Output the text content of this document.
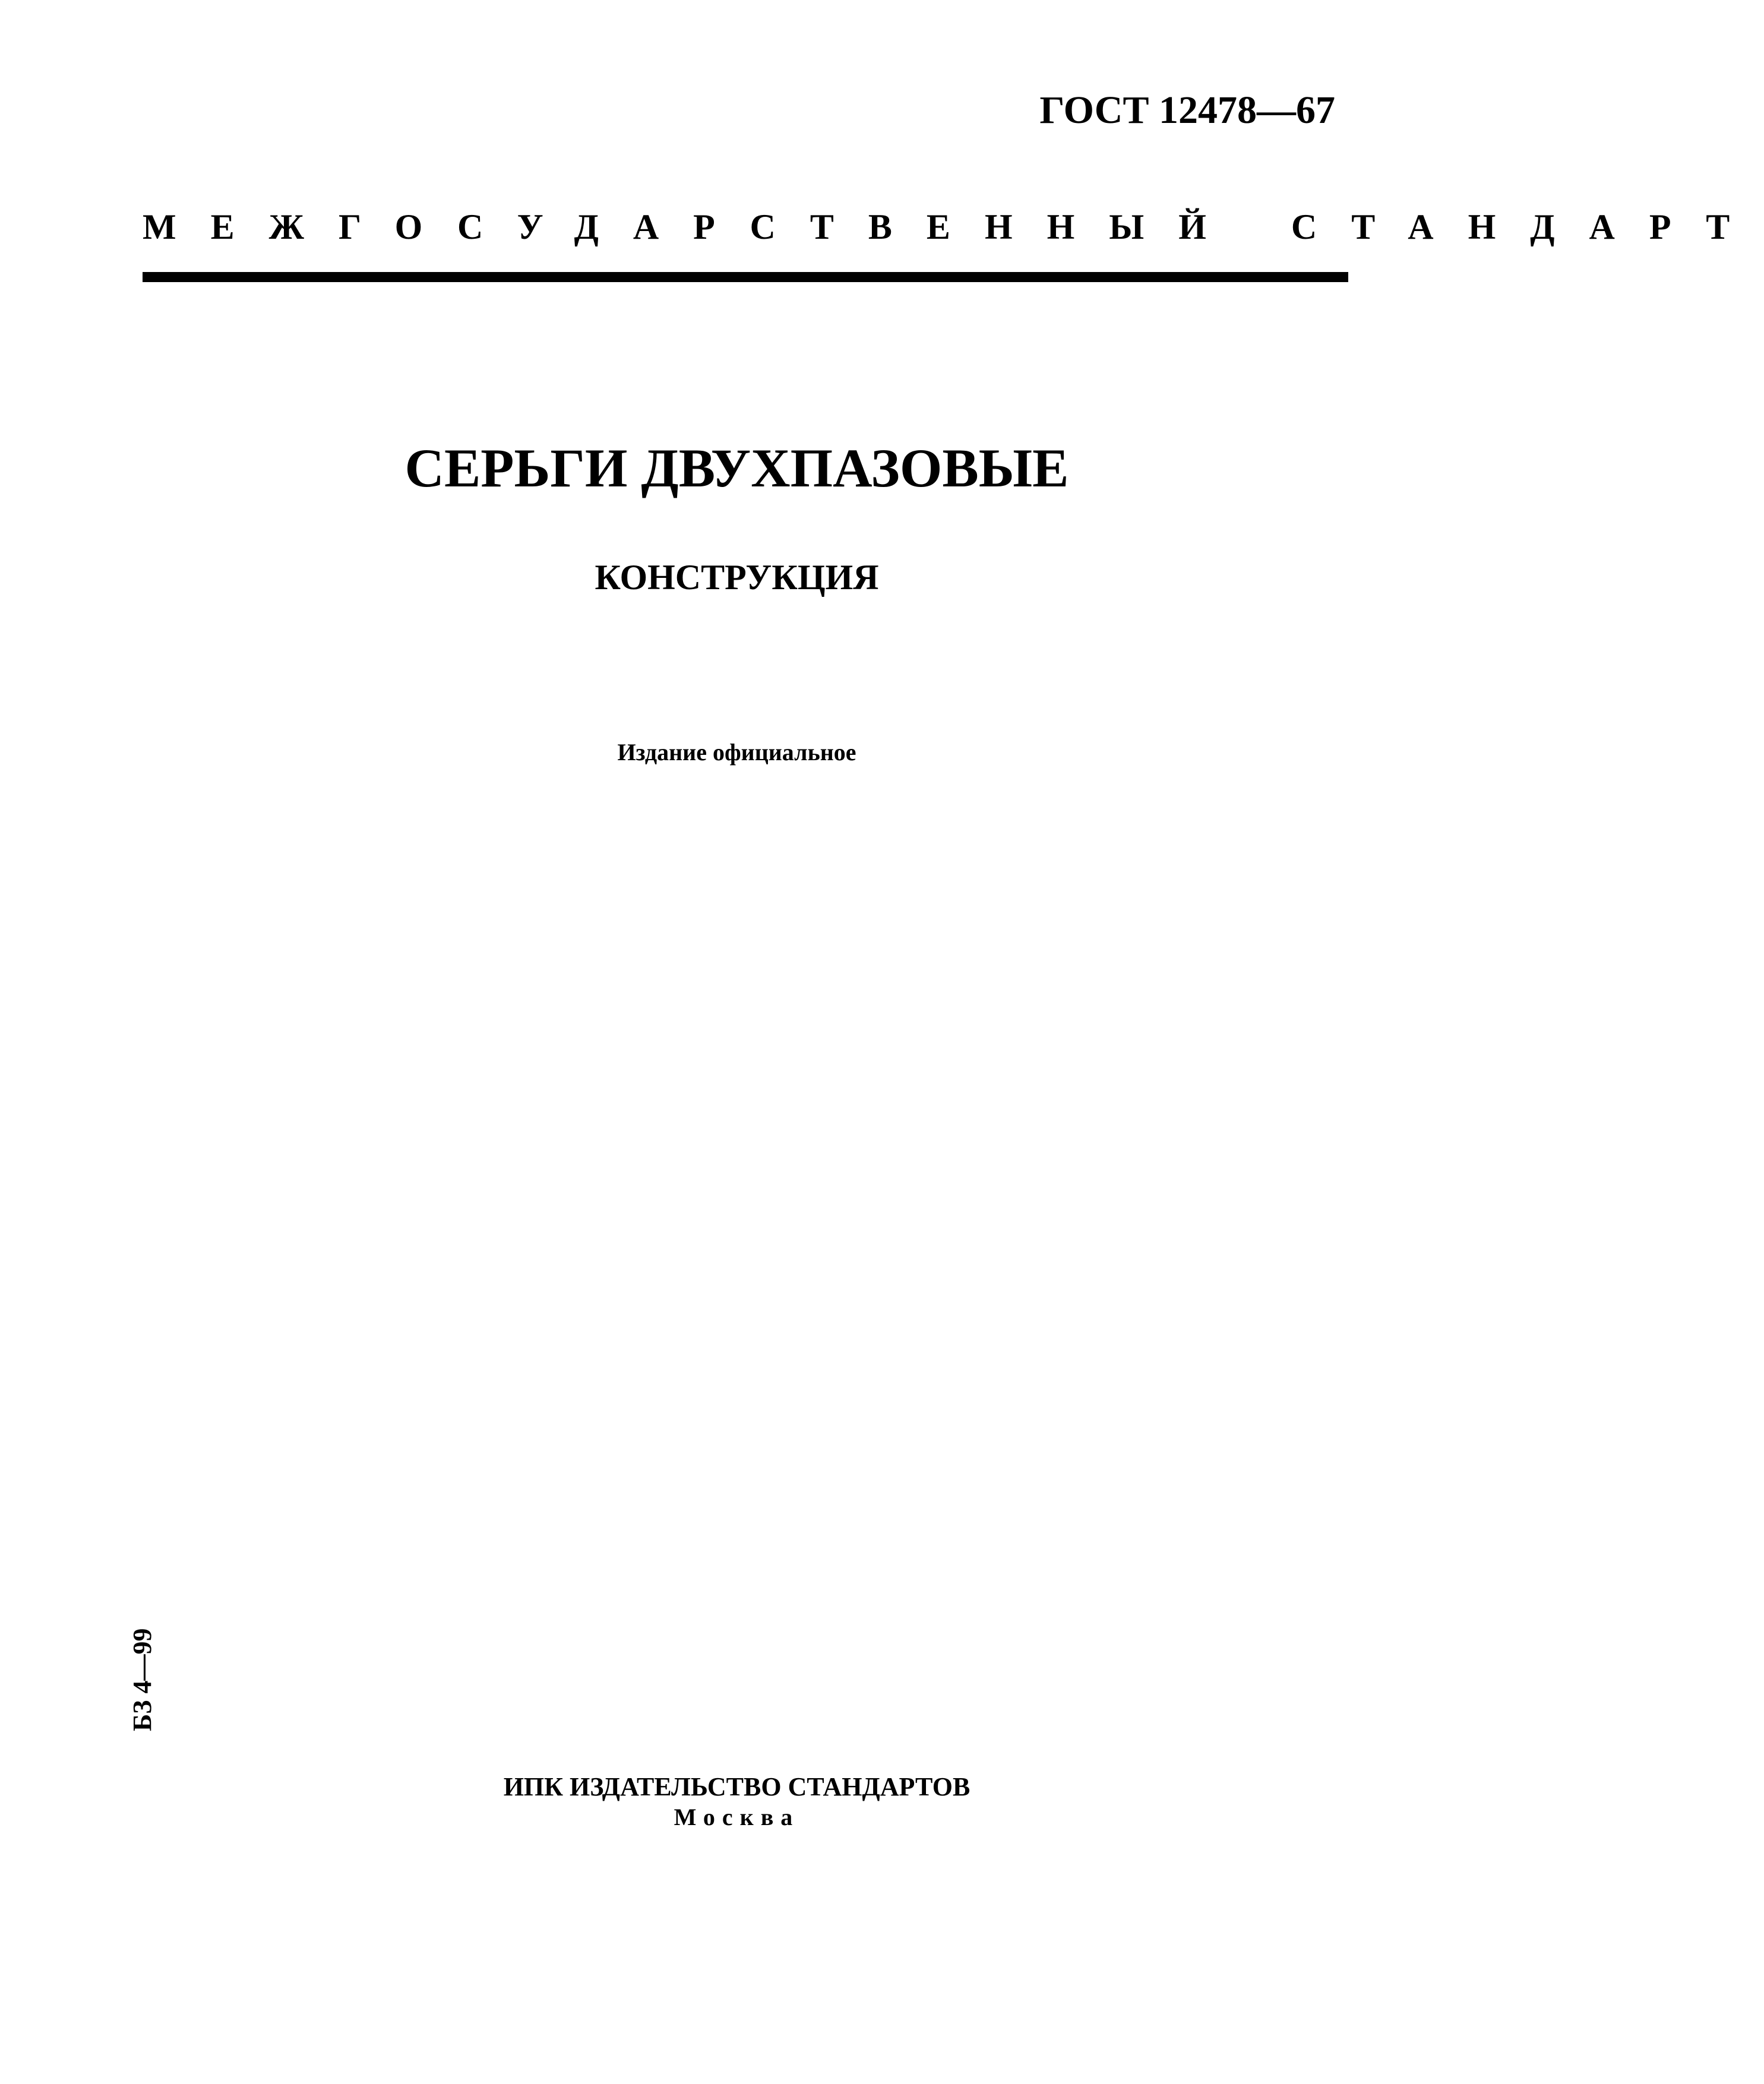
ГОСТ 12478—67
МЕЖГОСУДАРСТВЕННЫЙ СТАНДАРТ
СЕРЬГИ ДВУХПАЗОВЫЕ
КОНСТРУКЦИЯ
Издание официальное
БЗ 4—99
ИПК ИЗДАТЕЛЬСТВО СТАНДАРТОВ
Москва
